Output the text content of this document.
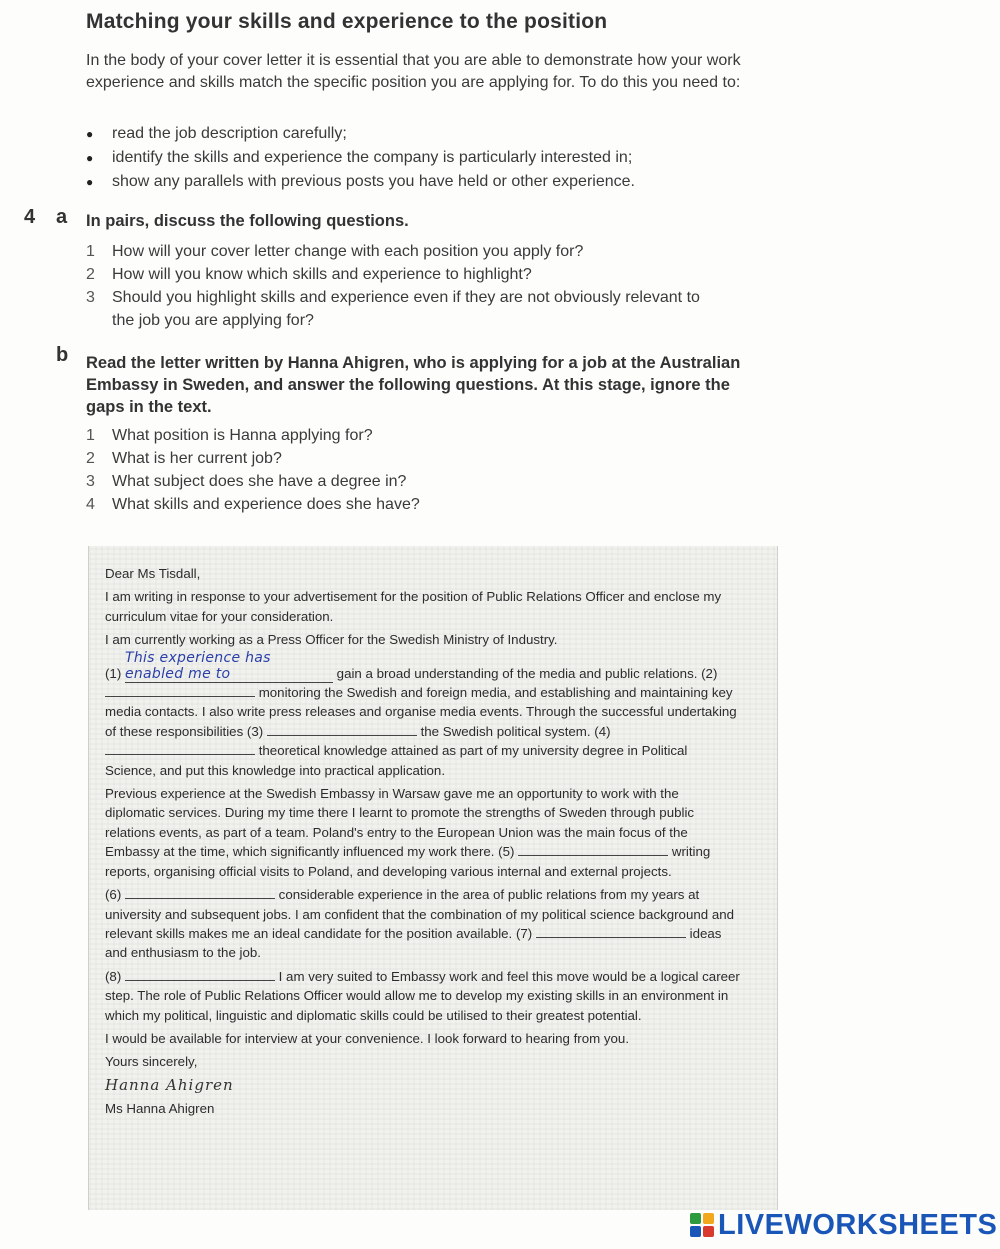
Matching your skills and experience to the position

In the body of your cover letter it is essential that you are able to demonstrate how your work experience and skills match the specific position you are applying for. To do this you need to:

● read the job description carefully;
● identify the skills and experience the company is particularly interested in;
● show any parallels with previous posts you have held or other experience.
4 a In pairs, discuss the following questions.
1 How will your cover letter change with each position you apply for?
2 How will you know which skills and experience to highlight?
3 Should you highlight skills and experience even if they are not obviously relevant to the job you are applying for?
b Read the letter written by Hanna Ahigren, who is applying for a job at the Australian Embassy in Sweden, and answer the following questions. At this stage, ignore the gaps in the text.
1 What position is Hanna applying for?
2 What is her current job?
3 What subject does she have a degree in?
4 What skills and experience does she have?

Dear Ms Tisdall,

I am writing in response to your advertisement for the position of Public Relations Officer and enclose my curriculum vitae for your consideration.

I am currently working as a Press Officer for the Swedish Ministry of Industry.
(1) This experience has enabled me to	gain a broad understanding of the media and public relations. (2)  monitoring the Swedish and foreign media, and establishing and maintaining key media contacts. I also write press releases and organise media events. Through the successful undertaking of these responsibilities (3)	the Swedish political system. (4)  theoretical knowledge attained as part of my university degree in Political Science, and put this knowledge into practical application.

Previous experience at the Swedish Embassy in Warsaw gave me an opportunity to work with the diplomatic services. During my time there I learnt to promote the strengths of Sweden through public relations events, as part of a team. Poland's entry to the European Union was the main focus of the Embassy at the time, which significantly influenced my work there. (5)	writing reports, organising official visits to Poland, and developing various internal and external projects.

(6)	considerable experience in the area of public relations from my years at university and subsequent jobs. I am confident that the combination of my political science background and relevant skills makes me an ideal candidate for the position available. (7)	ideas and enthusiasm to the job.

(8)	I am very suited to Embassy work and feel this move would be a logical career step. The role of Public Relations Officer would allow me to develop my existing skills in an environment in which my political, linguistic and diplomatic skills could be utilised to their greatest potential.

I would be available for interview at your convenience. I look forward to hearing from you.

Yours sincerely,

Hanna Ahigren

Ms Hanna Ahigren

LIVEWORKSHEETS
